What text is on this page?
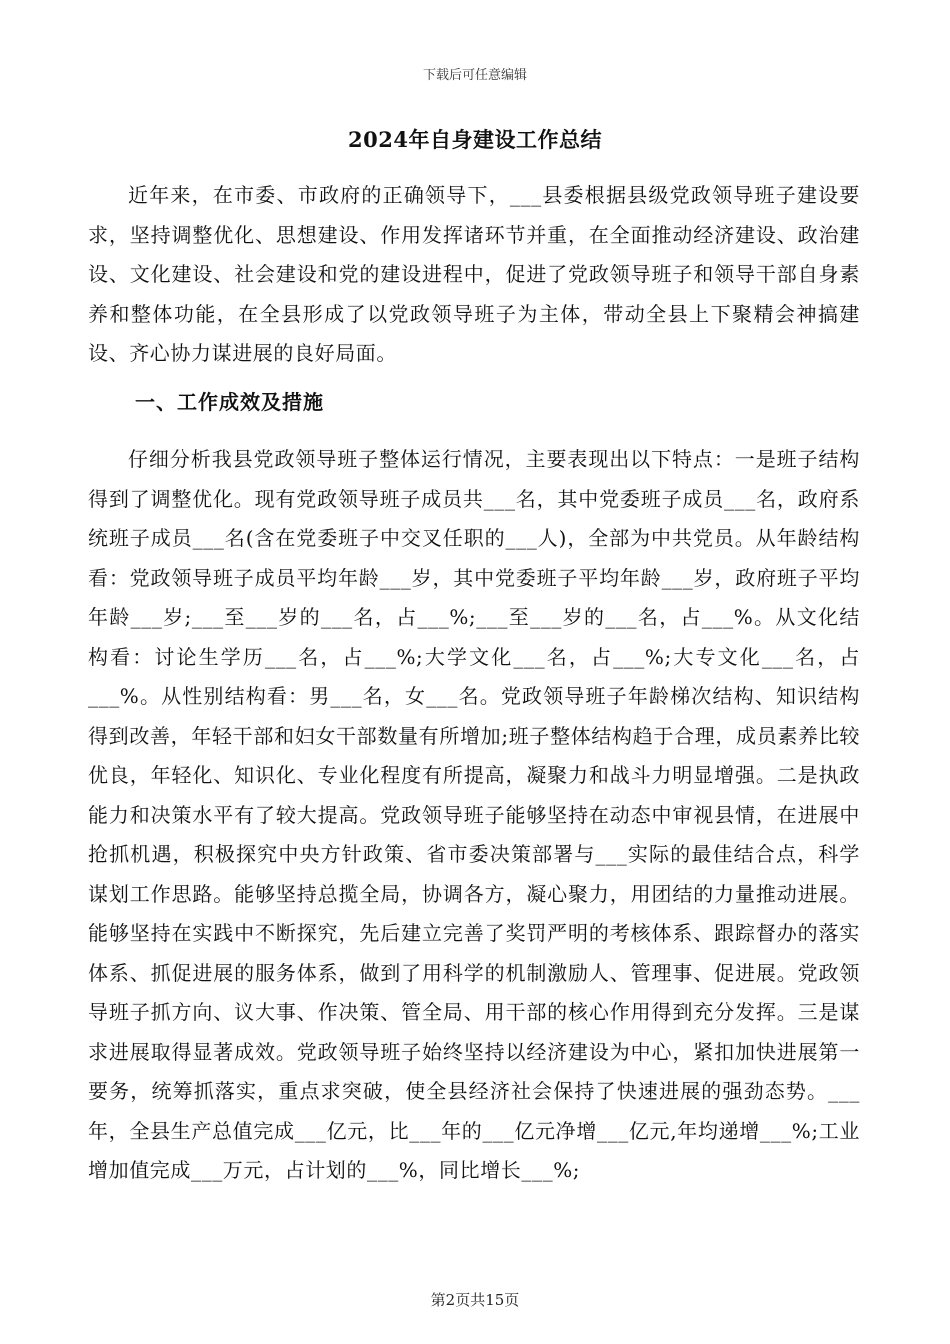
下载后可任意编辑
2024年自身建设工作总结

近年来，在市委、市政府的正确领导下，___县委根据县级党政领导班子建设要求，坚持调整优化、思想建设、作用发挥诸环节并重，在全面推动经济建设、政治建设、文化建设、社会建设和党的建设进程中，促进了党政领导班子和领导干部自身素养和整体功能，在全县形成了以党政领导班子为主体，带动全县上下聚精会神搞建设、齐心协力谋进展的良好局面。

一、工作成效及措施

仔细分析我县党政领导班子整体运行情况，主要表现出以下特点：一是班子结构得到了调整优化。现有党政领导班子成员共___名，其中党委班子成员___名，政府系统班子成员___名(含在党委班子中交叉任职的___人)，全部为中共党员。从年龄结构看：党政领导班子成员平均年龄___岁，其中党委班子平均年龄___岁，政府班子平均年龄___岁;___至___岁的___名，占___%;___至___岁的___名，占___%。从文化结构看：讨论生学历___名，占___%;大学文化___名，占___%;大专文化___名，占___%。从性别结构看：男___名，女___名。党政领导班子年龄梯次结构、知识结构得到改善，年轻干部和妇女干部数量有所增加;班子整体结构趋于合理，成员素养比较优良，年轻化、知识化、专业化程度有所提高，凝聚力和战斗力明显增强。二是执政能力和决策水平有了较大提高。党政领导班子能够坚持在动态中审视县情，在进展中抢抓机遇，积极探究中央方针政策、省市委决策部署与___实际的最佳结合点，科学谋划工作思路。能够坚持总揽全局，协调各方，凝心聚力，用团结的力量推动进展。能够坚持在实践中不断探究，先后建立完善了奖罚严明的考核体系、跟踪督办的落实体系、抓促进展的服务体系，做到了用科学的机制激励人、管理事、促进展。党政领导班子抓方向、议大事、作决策、管全局、用干部的核心作用得到充分发挥。三是谋求进展取得显著成效。党政领导班子始终坚持以经济建设为中心，紧扣加快进展第一要务，统筹抓落实，重点求突破，使全县经济社会保持了快速进展的强劲态势。___年，全县生产总值完成___亿元，比___年的___亿元净增___亿元,年均递增___%;工业增加值完成___万元，占计划的___%，同比增长___%;

第2页共15页
